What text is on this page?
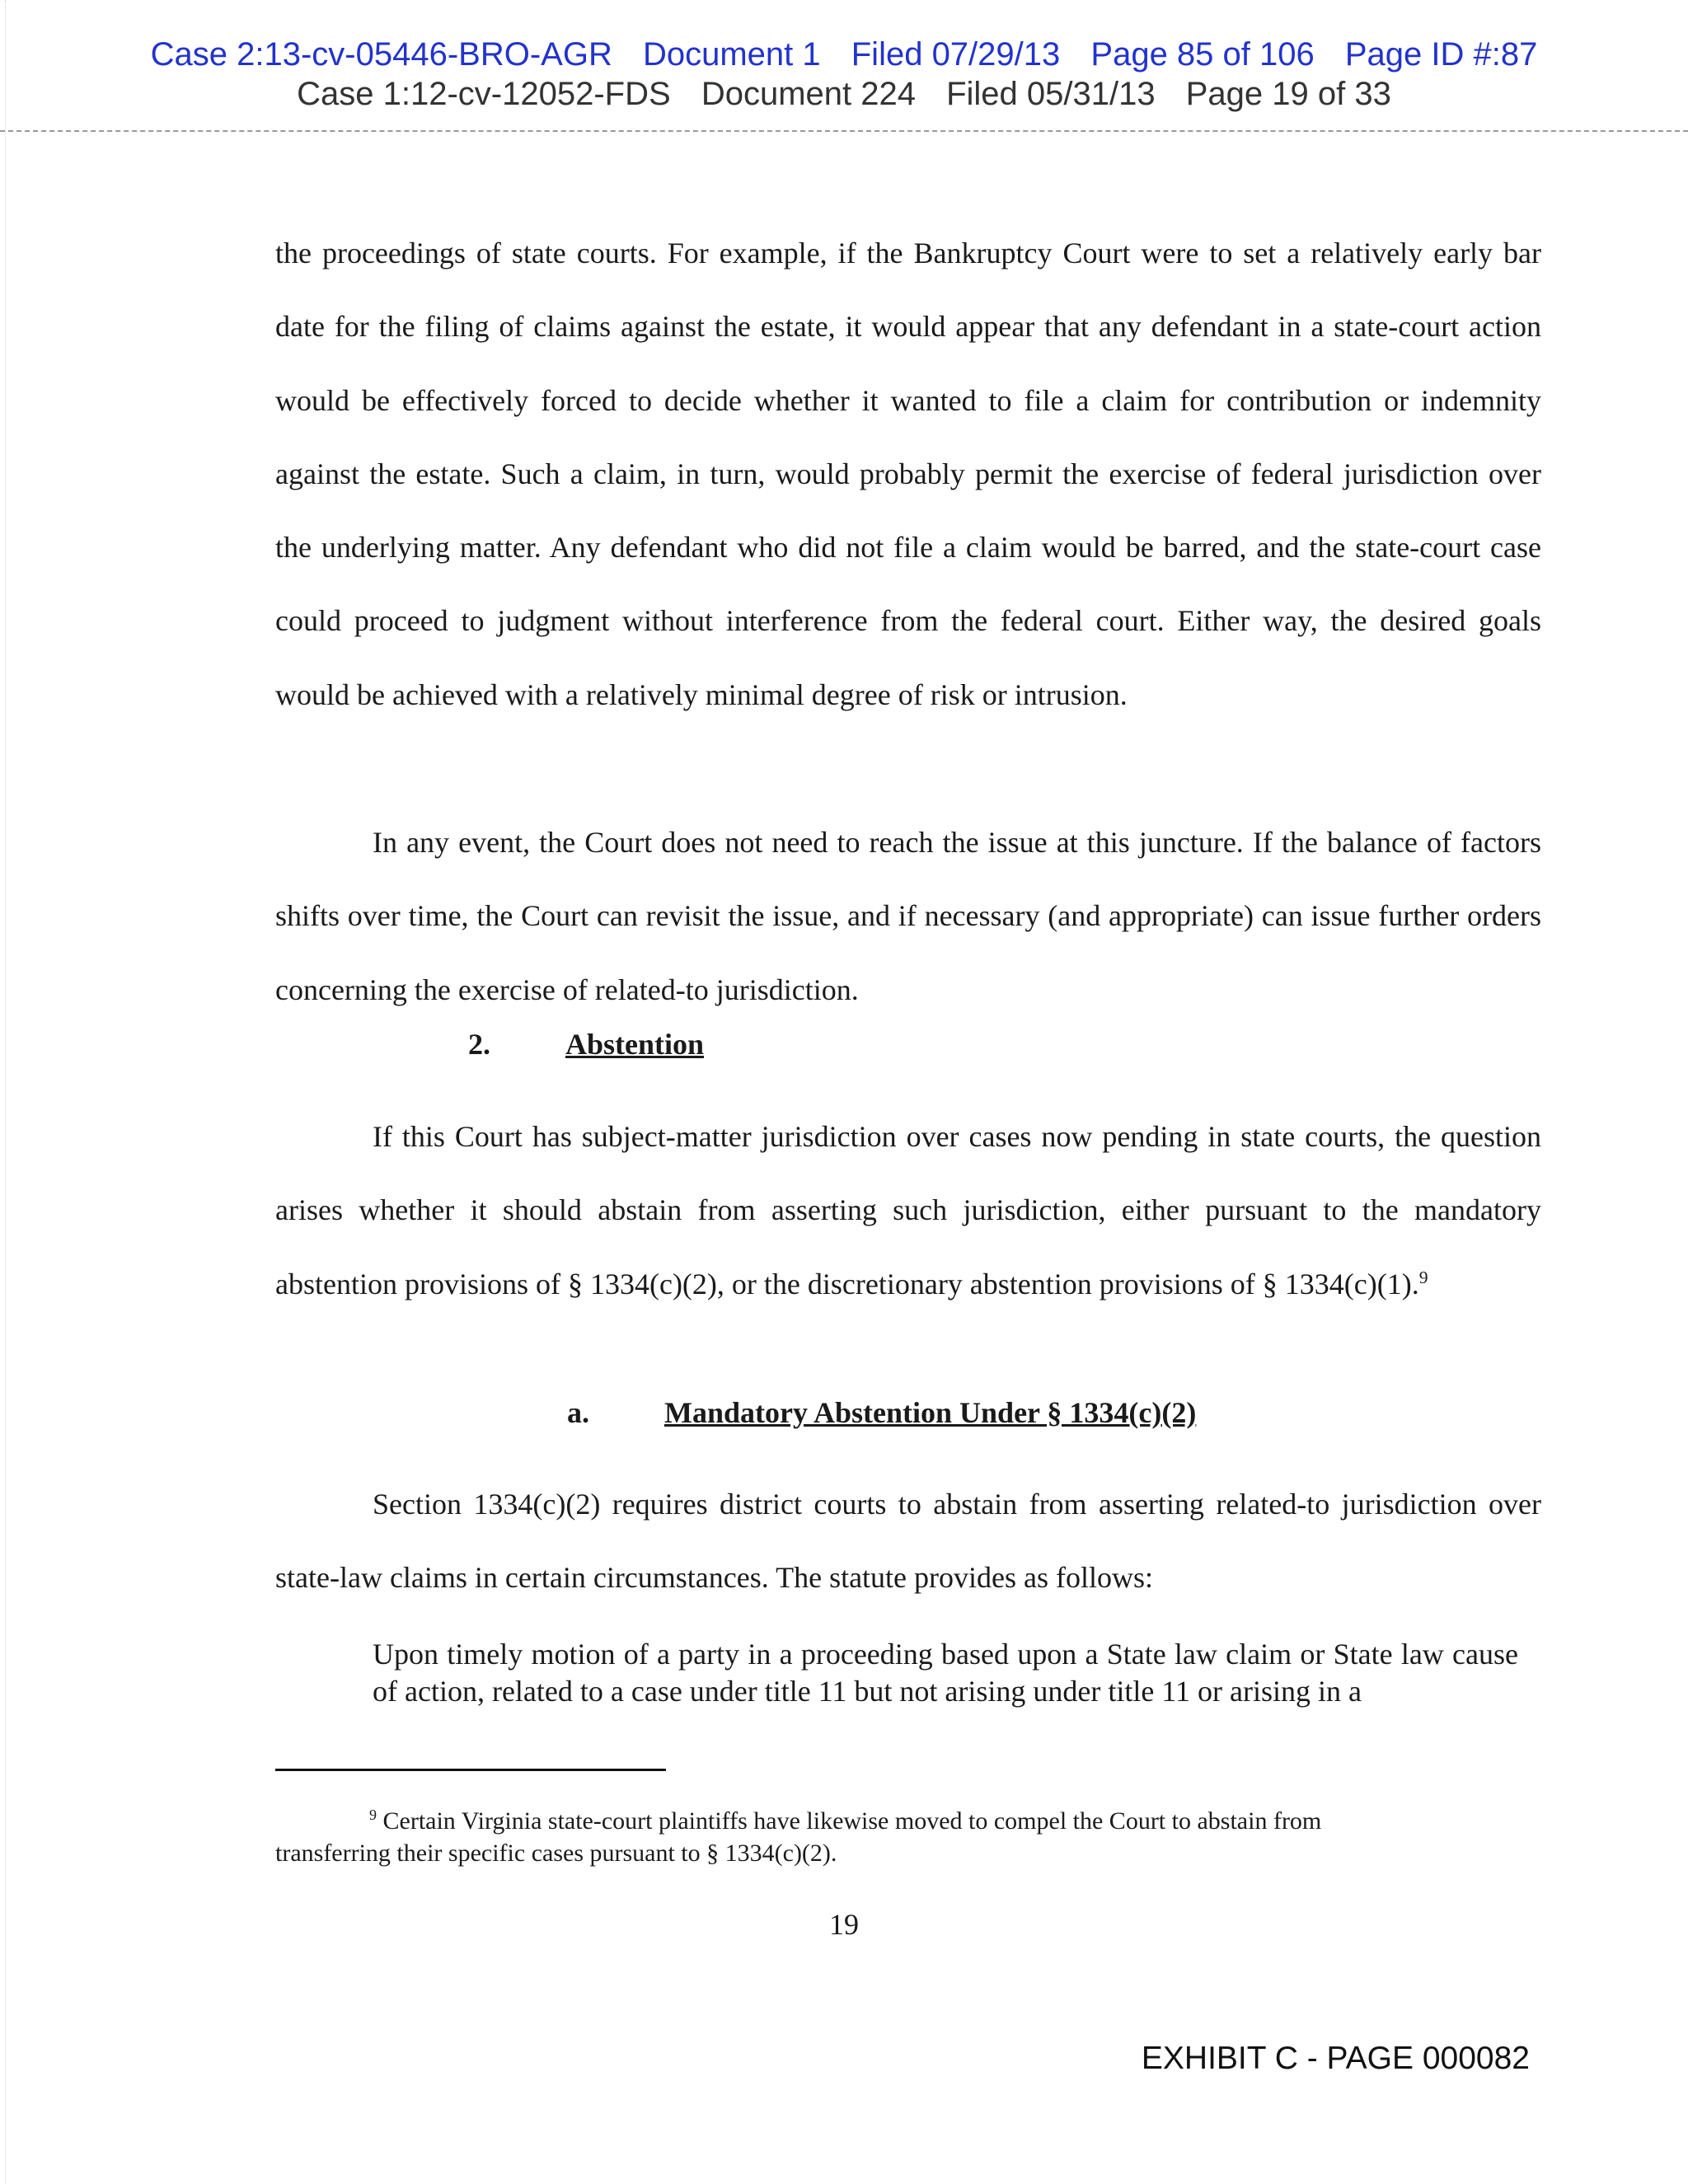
Case 2:13-cv-05446-BRO-AGR Document 1 Filed 07/29/13 Page 85 of 106 Page ID #:87
Case 1:12-cv-12052-FDS Document 224 Filed 05/31/13 Page 19 of 33

the proceedings of state courts. For example, if the Bankruptcy Court were to set a relatively early bar date for the filing of claims against the estate, it would appear that any defendant in a state-court action would be effectively forced to decide whether it wanted to file a claim for contribution or indemnity against the estate. Such a claim, in turn, would probably permit the exercise of federal jurisdiction over the underlying matter. Any defendant who did not file a claim would be barred, and the state-court case could proceed to judgment without interference from the federal court. Either way, the desired goals would be achieved with a relatively minimal degree of risk or intrusion.

In any event, the Court does not need to reach the issue at this juncture. If the balance of factors shifts over time, the Court can revisit the issue, and if necessary (and appropriate) can issue further orders concerning the exercise of related-to jurisdiction.

2.	Abstention

If this Court has subject-matter jurisdiction over cases now pending in state courts, the question arises whether it should abstain from asserting such jurisdiction, either pursuant to the mandatory abstention provisions of § 1334(c)(2), or the discretionary abstention provisions of § 1334(c)(1).$^9$

a.	Mandatory Abstention Under § 1334(c)(2)

Section 1334(c)(2) requires district courts to abstain from asserting related-to jurisdiction over state-law claims in certain circumstances. The statute provides as follows:

Upon timely motion of a party in a proceeding based upon a State law claim or State law cause of action, related to a case under title 11 but not arising under title 11 or arising in a
$^9$ Certain Virginia state-court plaintiffs have likewise moved to compel the Court to abstain from transferring their specific cases pursuant to § 1334(c)(2).
19
EXHIBIT C - PAGE 000082
